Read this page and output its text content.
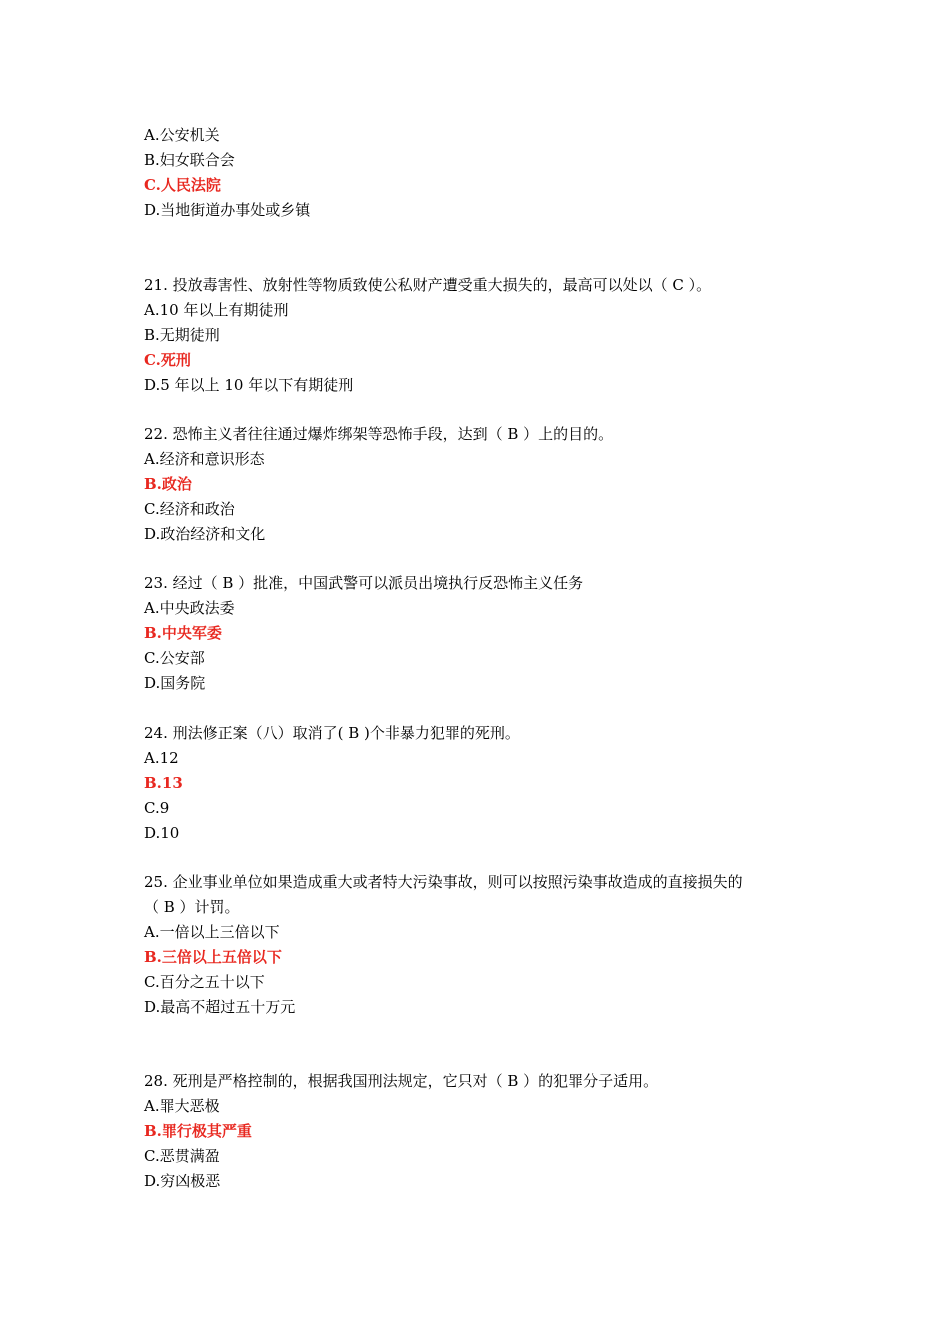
A.公安机关
B.妇女联合会
C.人民法院
D.当地街道办事处或乡镇
21. 投放毒害性、放射性等物质致使公私财产遭受重大损失的，最高可以处以（ C ）。
A.10 年以上有期徒刑
B.无期徒刑
C.死刑
D.5 年以上 10 年以下有期徒刑
22. 恐怖主义者往往通过爆炸绑架等恐怖手段，达到（ B ）上的目的。
A.经济和意识形态
B.政治
C.经济和政治
D.政治经济和文化
23. 经过（ B ）批准，中国武警可以派员出境执行反恐怖主义任务
A.中央政法委
B.中央军委
C.公安部
D.国务院
24. 刑法修正案（八）取消了( B )个非暴力犯罪的死刑。
A.12
B.13
C.9
D.10
25. 企业事业单位如果造成重大或者特大污染事故，则可以按照污染事故造成的直接损失的
（ B ）计罚。
A.一倍以上三倍以下
B.三倍以上五倍以下
C.百分之五十以下
D.最高不超过五十万元
28. 死刑是严格控制的，根据我国刑法规定，它只对（ B ）的犯罪分子适用。
A.罪大恶极
B.罪行极其严重
C.恶贯满盈
D.穷凶极恶
